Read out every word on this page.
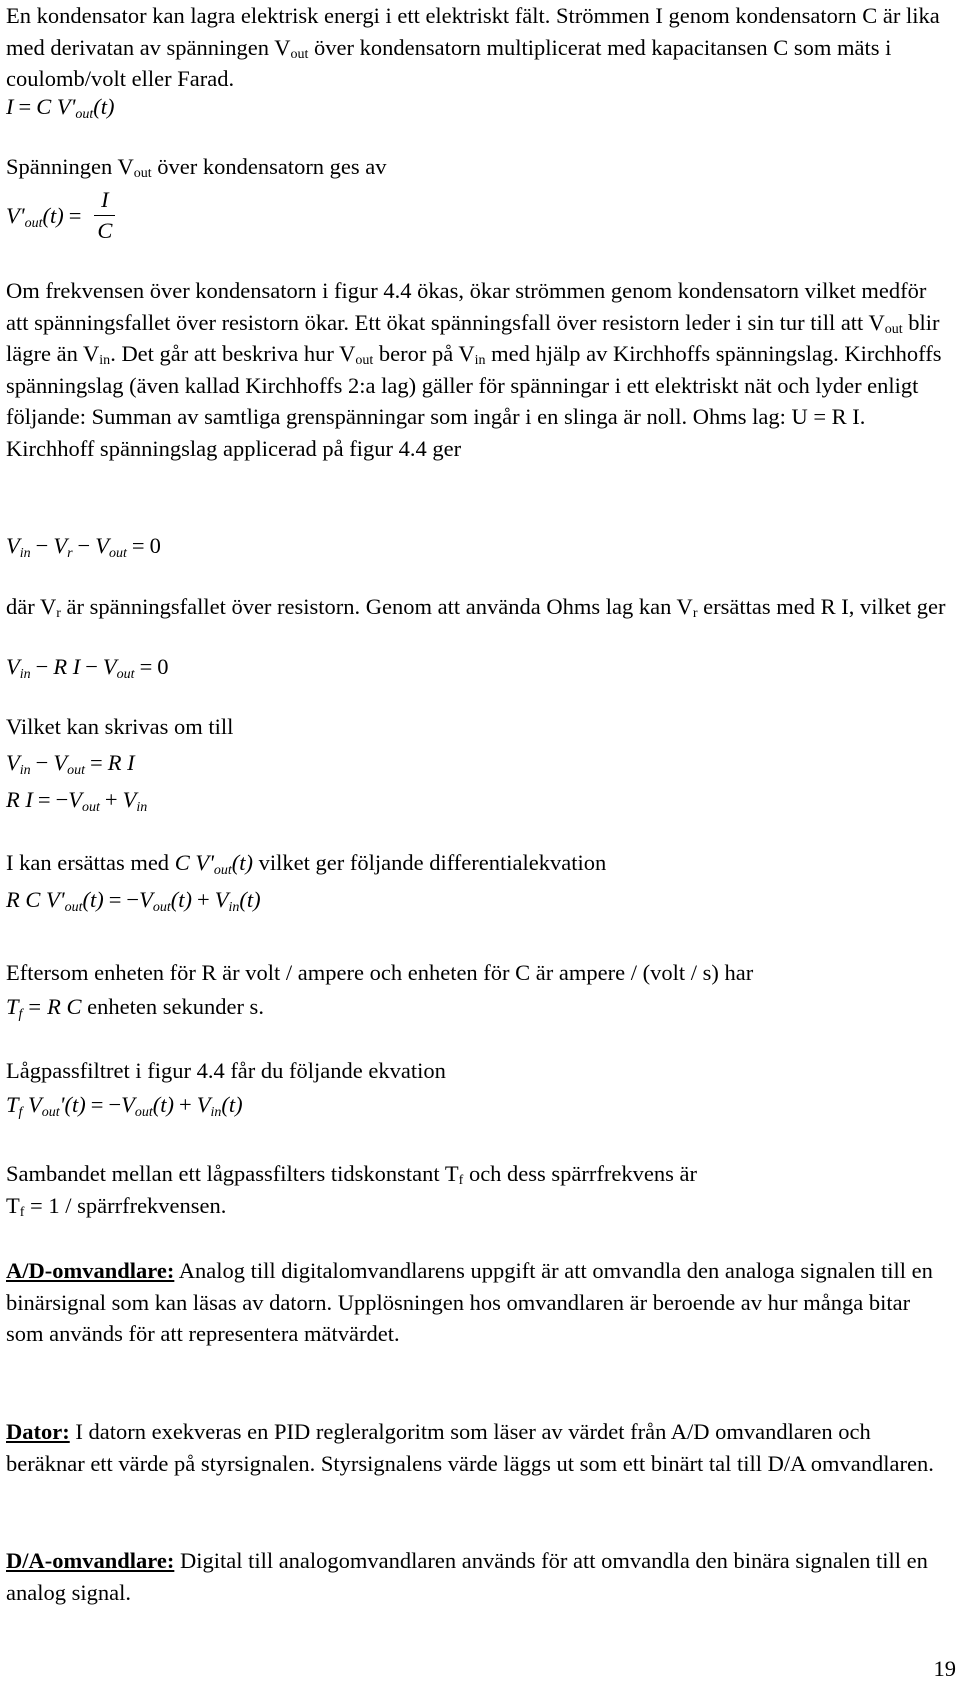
En kondensator kan lagra elektrisk energi i ett elektriskt fält. Strömmen I genom kondensatorn C är lika med derivatan av spänningen $V_{out}$ över kondensatorn multiplicerat med kapacitansen C som mäts i coulomb/volt eller Farad.

I = C V'out(t)
Spänningen $V_{out}$ över kondensatorn ges av
$V'out(t) = \frac{I}{C}$

Om frekvensen över kondensatorn i figur 4.4 ökas, ökar strömmen genom kondensatorn vilket medför att spänningsfallet över resistorn ökar. Ett ökat spänningsfall över resistorn leder i sin tur till att $V_{out}$ blir lägre än $V_{in}$. Det går att beskriva hur $V_{out}$ beror på $V_{in}$ med hjälp av Kirchhoffs spänningslag. Kirchhoffs spänningslag (även kallad Kirchhoffs 2:a lag) gäller för spänningar i ett elektriskt nät och lyder enligt följande: Summan av samtliga grenspänningar som ingår i en slinga är noll. Ohms lag: U = R I. Kirchhoff spänningslag applicerad på figur 4.4 ger

Vin − Vr − Vout = 0

där $V_r$ är spänningsfallet över resistorn. Genom att använda Ohms lag kan $V_r$ ersättas med R I, vilket ger

Vin − R I − Vout = 0
Vilket kan skrivas om till
Vin − Vout = R I
R I = −Vout + Vin
I kan ersättas med C V'out(t) vilket ger följande differentialekvation
R C V'out(t) = −Vout(t) + Vin(t)
Eftersom enheten för R är volt / ampere och enheten för C är ampere / (volt / s) har
Tf = R C enheten sekunder s.
Lågpassfiltret i figur 4.4 får du följande ekvation
Tf Vout'(t) = −Vout(t) + Vin(t)

Sambandet mellan ett lågpassfilters tidskonstant $T_f$ och dess spärrfrekvens är
$T_f = 1$ / spärrfrekvensen.

A/D-omvandlare: Analog till digitalomvandlarens uppgift är att omvandla den analoga signalen till en binärsignal som kan läsas av datorn. Upplösningen hos omvandlaren är beroende av hur många bitar som används för att representera mätvärdet.

Dator: I datorn exekveras en PID regleralgoritm som läser av värdet från A/D omvandlaren och beräknar ett värde på styrsignalen. Styrsignalens värde läggs ut som ett binärt tal till D/A omvandlaren.

D/A-omvandlare: Digital till analogomvandlaren används för att omvandla den binära signalen till en analog signal.

19
